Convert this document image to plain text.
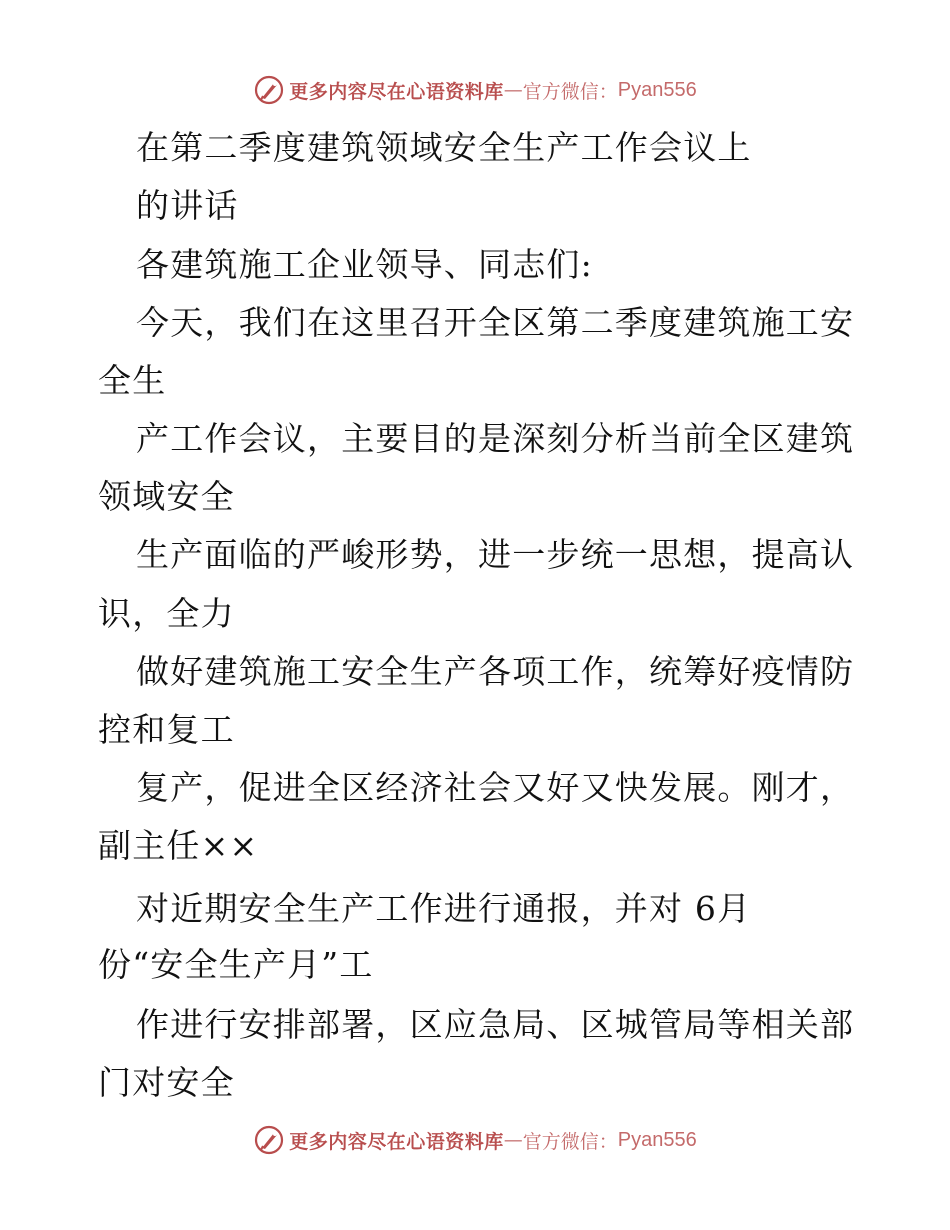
更多内容尽在心语资料库 — 官方微信： Pyan556
在第二季度建筑领域安全生产工作会议上
的讲话
各建筑施工企业领导、同志们:
今天，我们在这里召开全区第二季度建筑施工安
全生
产工作会议，主要目的是深刻分析当前全区建筑
领域安全
生产面临的严峻形势，进一步统一思想，提高认
识，全力
做好建筑施工安全生产各项工作，统筹好疫情防
控和复工
复产，促进全区经济社会又好又快发展。刚才，
副主任××
对近期安全生产工作进行通报，并对 6月
份“安全生产月”工
作进行安排部署，区应急局、区城管局等相关部
门对安全
更多内容尽在心语资料库 — 官方微信： Pyan556
